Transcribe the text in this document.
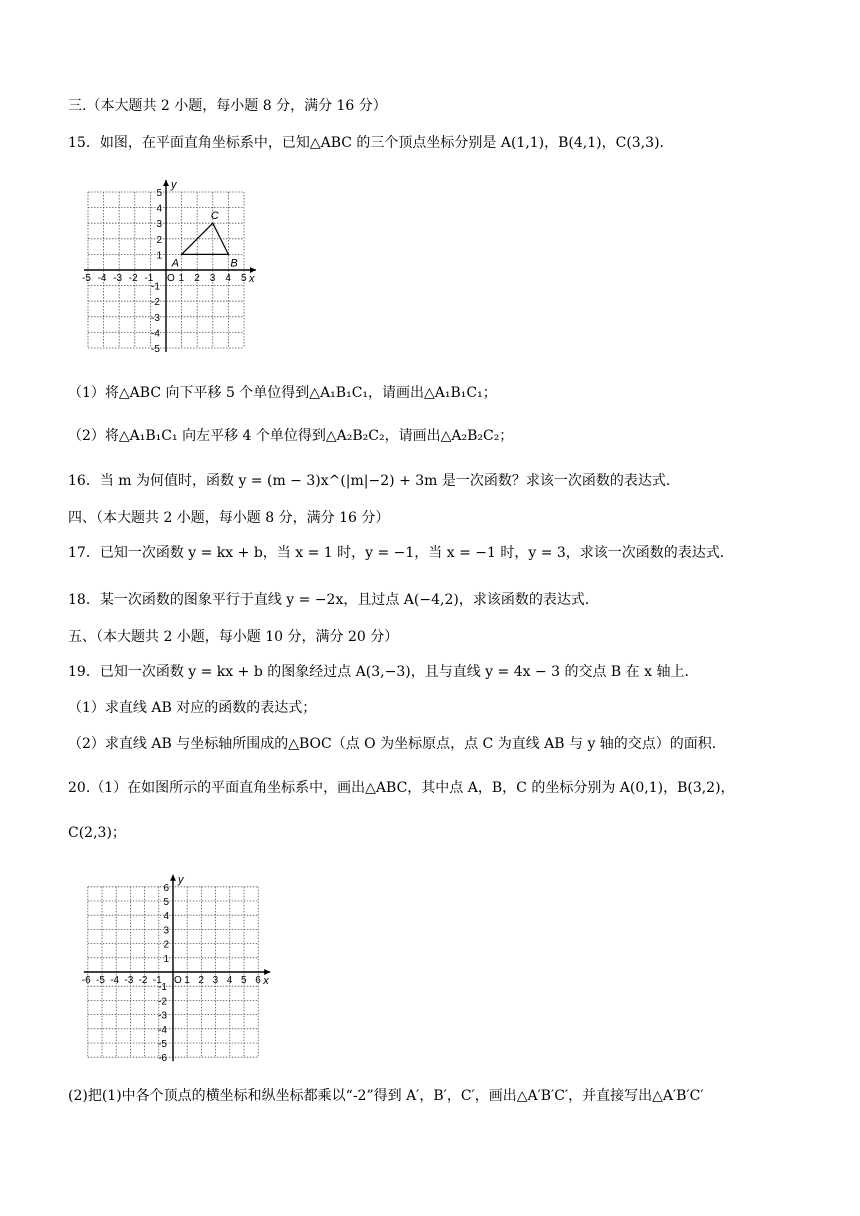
三.（本大题共 2 小题，每小题 8 分，满分 16 分）
15．如图，在平面直角坐标系中，已知△ABC 的三个顶点坐标分别是 A(1,1)，B(4,1)，C(3,3)．
x
y
-5 -4 -3 -2 -1 O 1 2 3 4 5
5
4
3
2
1
-1
-2
-3
-4
-5
A	B
C
（1）将△ABC 向下平移 5 个单位得到△A₁B₁C₁，请画出△A₁B₁C₁；
（2）将△A₁B₁C₁ 向左平移 4 个单位得到△A₂B₂C₂，请画出△A₂B₂C₂；
16．当 m 为何值时，函数 y = (m − 3)x^(|m|−2) + 3m 是一次函数？求该一次函数的表达式．
四、（本大题共 2 小题，每小题 8 分，满分 16 分）
17．已知一次函数 y = kx + b，当 x = 1 时，y = −1，当 x = −1 时，y = 3，求该一次函数的表达式．
18．某一次函数的图象平行于直线 y = −2x，且过点 A(−4,2)，求该函数的表达式．
五、（本大题共 2 小题，每小题 10 分，满分 20 分）
19．已知一次函数 y = kx + b 的图象经过点 A(3,−3)，且与直线 y = 4x − 3 的交点 B 在 x 轴上．
（1）求直线 AB 对应的函数的表达式；
（2）求直线 AB 与坐标轴所围成的△BOC（点 O 为坐标原点，点 C 为直线 AB 与 y 轴的交点）的面积．
20.（1）在如图所示的平面直角坐标系中，画出△ABC，其中点 A，B，C 的坐标分别为 A(0,1)，B(3,2)，
C(2,3)；
x
y
-6 -5 -4 -3 -2 -1 O 1 2 3 4 5 6
6
5
4
3
2
1
-1
-2
-3
-4
-5
-6
(2)把(1)中各个顶点的横坐标和纵坐标都乘以“-2”得到 A′，B′，C′，画出△A′B′C′，并直接写出△A′B′C′
